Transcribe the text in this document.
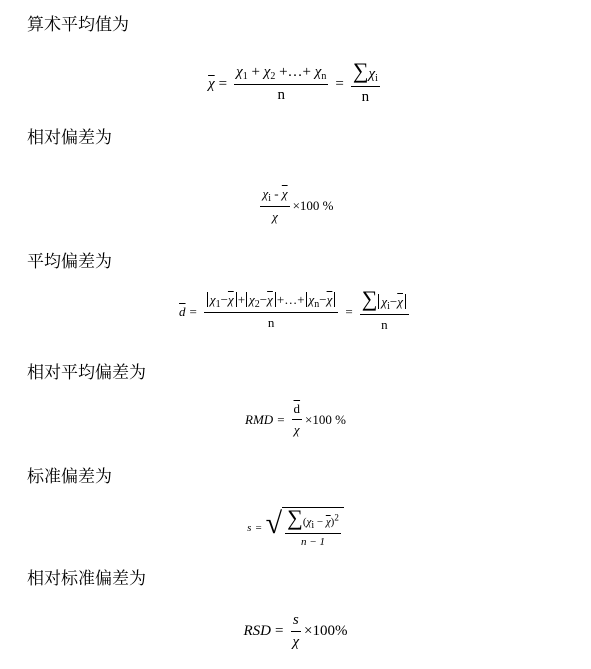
算术平均值为
$\overline{\chi} = \frac{\chi_1 + \chi_2 +\dots+ \chi_n}{n} = \frac{\sum\chi_i}{n}$
相对偏差为
$\frac{\chi_i - \overline{\chi}}{\chi} \times 100$ %
平均偏差为
$\overline{d} = \frac{\chi_1-\overline{\chi} + \chi_2-\overline{\chi} +\dots+ \chi_n-\overline{\chi}}{n} = \frac{\sum \chi_i-\overline{\chi}}{n}$
相对平均偏差为
RMD = $\frac{\overline{d}}{\chi} \times 100$ %
标准偏差为
s = √ $\frac{\sum(\chi_i - \overline{\chi})^2}{n - 1}$
相对标准偏差为
RSD = $\frac{s}{\chi} \times 100\%$
